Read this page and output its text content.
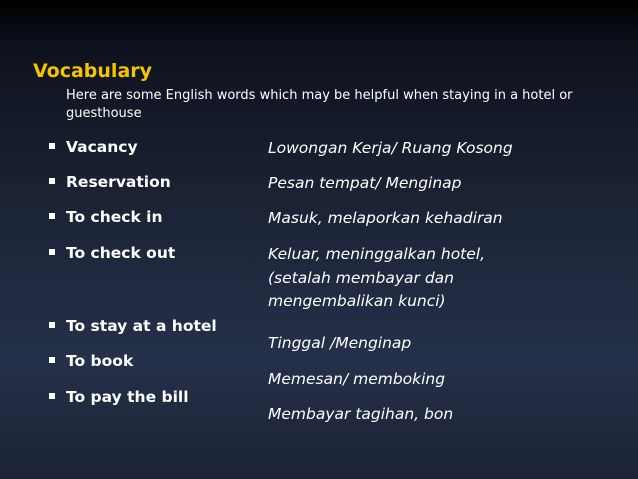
Vocabulary
Here are some English words which may be helpful when staying in a hotel or guesthouse
Vacancy
Reservation
To check in
To check out
To stay at a hotel
To book
To pay the bill
Lowongan Kerja/ Ruang Kosong
Pesan tempat/ Menginap
Masuk, melaporkan kehadiran
Keluar, meninggalkan hotel, (setalah membayar dan mengembalikan kunci)
Tinggal /Menginap
Memesan/ memboking
Membayar tagihan, bon
